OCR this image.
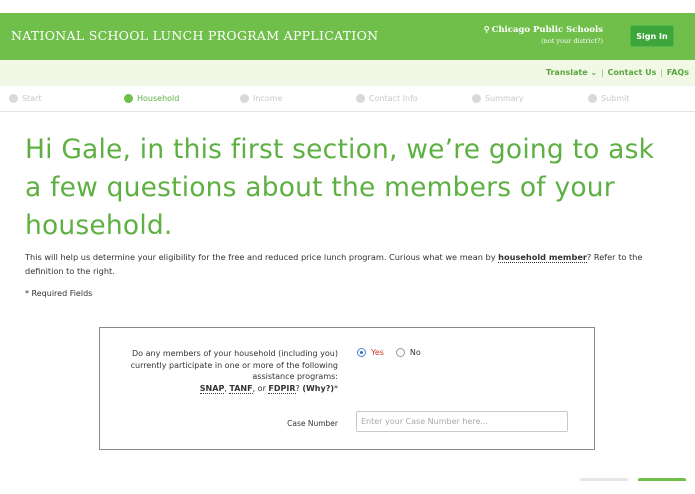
NATIONAL SCHOOL LUNCH PROGRAM APPLICATION	⚲ Chicago Public Schools
(not your district?)	Sign In
Translate ⌄ | Contact Us | FAQs
Start	Household	Income	Contact Info	Summary	Submit
Hi Gale, in this first section, we’re going to ask a few questions about the members of your household.

This will help us determine your eligibility for the free and reduced price lunch program. Curious what we mean by household member? Refer to the definition to the right.

* Required Fields
Do any members of your household (including you) currently participate in one or more of the following assistance programs:
SNAP, TANF, or FDPIR? (Why?)*
Yes	No
Case Number
Enter your Case Number here...
